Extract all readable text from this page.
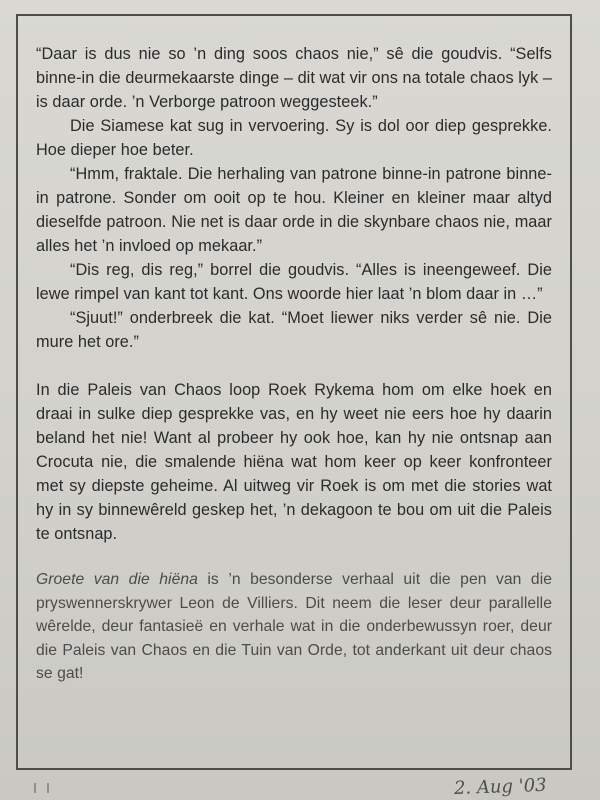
“Daar is dus nie so ’n ding soos chaos nie,” sê die goudvis. “Selfs binne-in die deurmekaarste dinge – dit wat vir ons na totale chaos lyk – is daar orde. ’n Verborge patroon weggesteek.”

Die Siamese kat sug in vervoering. Sy is dol oor diep gesprekke. Hoe dieper hoe beter.

“Hmm, fraktale. Die herhaling van patrone binne-in patrone binne-in patrone. Sonder om ooit op te hou. Kleiner en kleiner maar altyd dieselfde patroon. Nie net is daar orde in die skynbare chaos nie, maar alles het ’n invloed op mekaar.”

“Dis reg, dis reg,” borrel die goudvis. “Alles is ineengeweef. Die lewe rimpel van kant tot kant. Ons woorde hier laat ’n blom daar in …”

“Sjuut!” onderbreek die kat. “Moet liewer niks verder sê nie. Die mure het ore.”

In die Paleis van Chaos loop Roek Rykema hom om elke hoek en draai in sulke diep gesprekke vas, en hy weet nie eers hoe hy daarin beland het nie! Want al probeer hy ook hoe, kan hy nie ontsnap aan Crocuta nie, die smalende hiëna wat hom keer op keer konfronteer met sy diepste geheime. Al uitweg vir Roek is om met die stories wat hy in sy binnewêreld geskep het, ’n dekagoon te bou om uit die Paleis te ontsnap.

Groete van die hiëna is ’n besonderse verhaal uit die pen van die pryswennerskrywer Leon de Villiers. Dit neem die leser deur parallelle wêrelde, deur fantasieë en verhale wat in die onderbewussyn roer, deur die Paleis van Chaos en die Tuin van Orde, tot anderkant uit deur chaos se gat!

2. Aug '03
